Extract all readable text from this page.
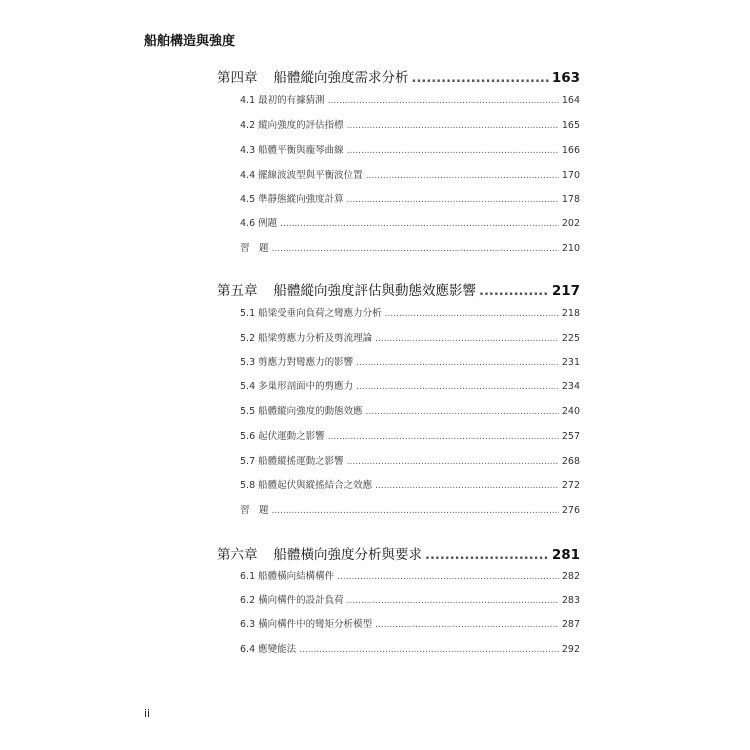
船舶構造與強度
第四章 船體縱向強度需求分析 .....	163
4.1 最初的有據猜測 .....	164
4.2 縱向強度的評估指標 .....	165
4.3 船體平衡與龐琴曲線 .....	166
4.4 擺線波波型與平衡波位置 .....	170
4.5 準靜態縱向強度計算 .....	178
4.6 例題 .....	202
習　題 .....	210
第五章 船體縱向強度評估與動態效應影響 .....	217
5.1 船梁受垂向負荷之彎應力分析 .....	218
5.2 船梁剪應力分析及剪流理論 .....	225
5.3 剪應力對彎應力的影響 .....	231
5.4 多巢形剖面中的剪應力 .....	234
5.5 船體縱向強度的動態效應 .....	240
5.6 起伏運動之影響 .....	257
5.7 船體縱搖運動之影響 .....	268
5.8 船體起伏與縱搖結合之效應 .....	272
習　題 .....	276
第六章 船體橫向強度分析與要求 .....	281
6.1 船體橫向結構構件 .....	282
6.2 橫向構件的設計負荷 .....	283
6.3 橫向構件中的彎矩分析模型 .....	287
6.4 應變能法 .....	292
ii
